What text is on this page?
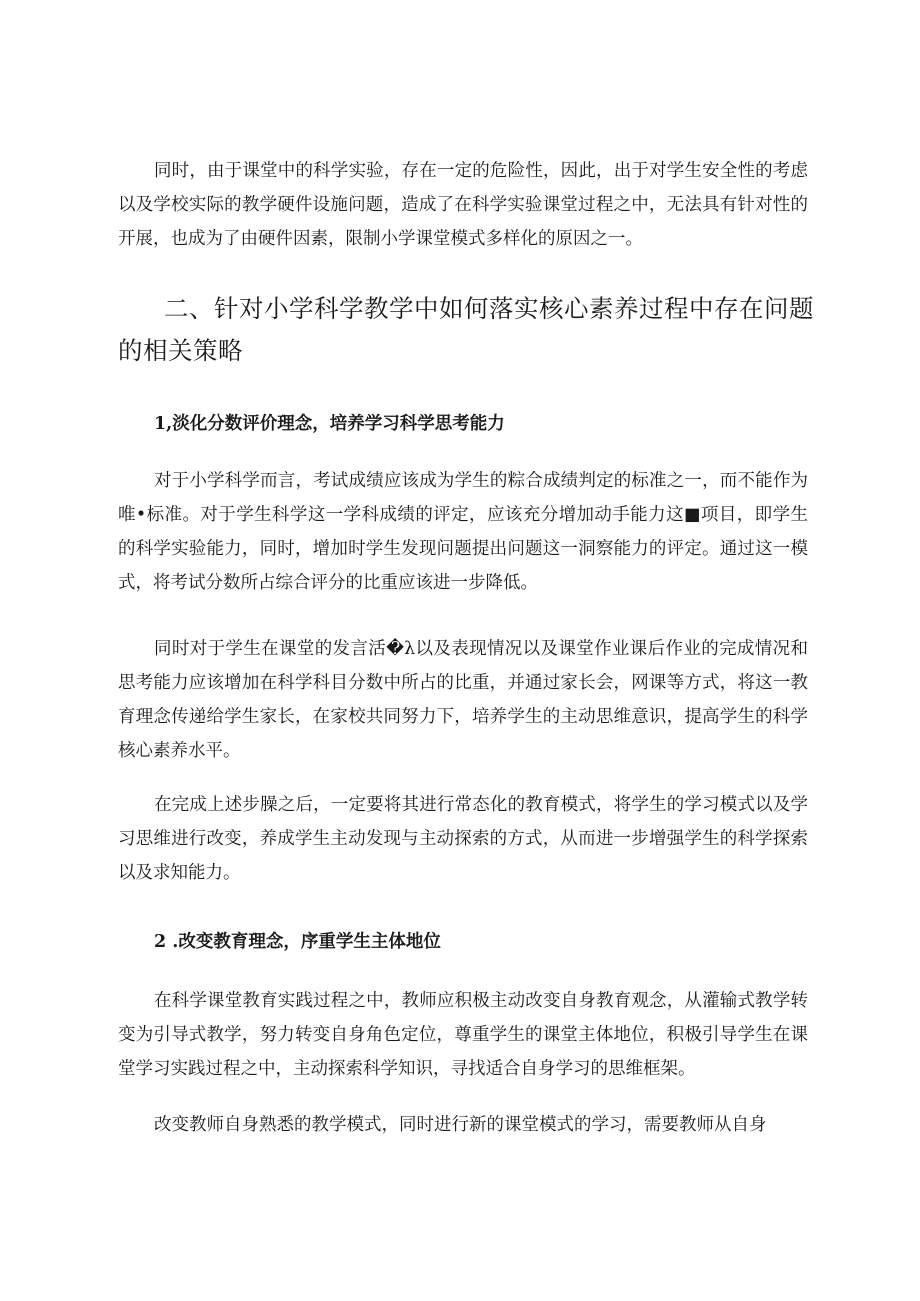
同时，由于课堂中的科学实验，存在一定的危险性，因此，出于对学生安全性的考虑以及学校实际的教学硬件设施问题，造成了在科学实验课堂过程之中，无法具有针对性的开展，也成为了由硬件因素，限制小学课堂模式多样化的原因之一。

二、针对小学科学教学中如何落实核心素养过程中存在问题的相关策略
1,淡化分数评价理念，培养学习科学思考能力

对于小学科学而言，考试成绩应该成为学生的粽合成绩判定的标准之一，而不能作为唯•标准。对于学生科学这一学科成绩的评定，应该充分增加动手能力这■项目，即学生的科学实验能力，同时，增加时学生发现问题提出问题这一洞察能力的评定。通过这一模式，将考试分数所占综合评分的比重应该进一步降低。

同时对于学生在课堂的发言活�λ以及表现情况以及课堂作业课后作业的完成情况和思考能力应该增加在科学科目分数中所占的比重，并通过家长会，网课等方式，将这一教育理念传递给学生家长，在家校共同努力下，培养学生的主动思维意识，提高学生的科学核心素养水平。

在完成上述步臊之后，一定要将其进行常态化的教育模式，将学生的学习模式以及学习思维进行改变，养成学生主动发现与主动探索的方式，从而进一步增强学生的科学探索以及求知能力。

2 .改变教育理念，序重学生主体地位

在科学课堂教育实践过程之中，教师应积极主动改变自身教育观念，从灌输式教学转变为引导式教学，努力转变自身角色定位，尊重学生的课堂主体地位，积极引导学生在课堂学习实践过程之中，主动探索科学知识，寻找适合自身学习的思维框架。

改变教师自身熟悉的教学模式，同时进行新的课堂模式的学习，需要教师从自身
